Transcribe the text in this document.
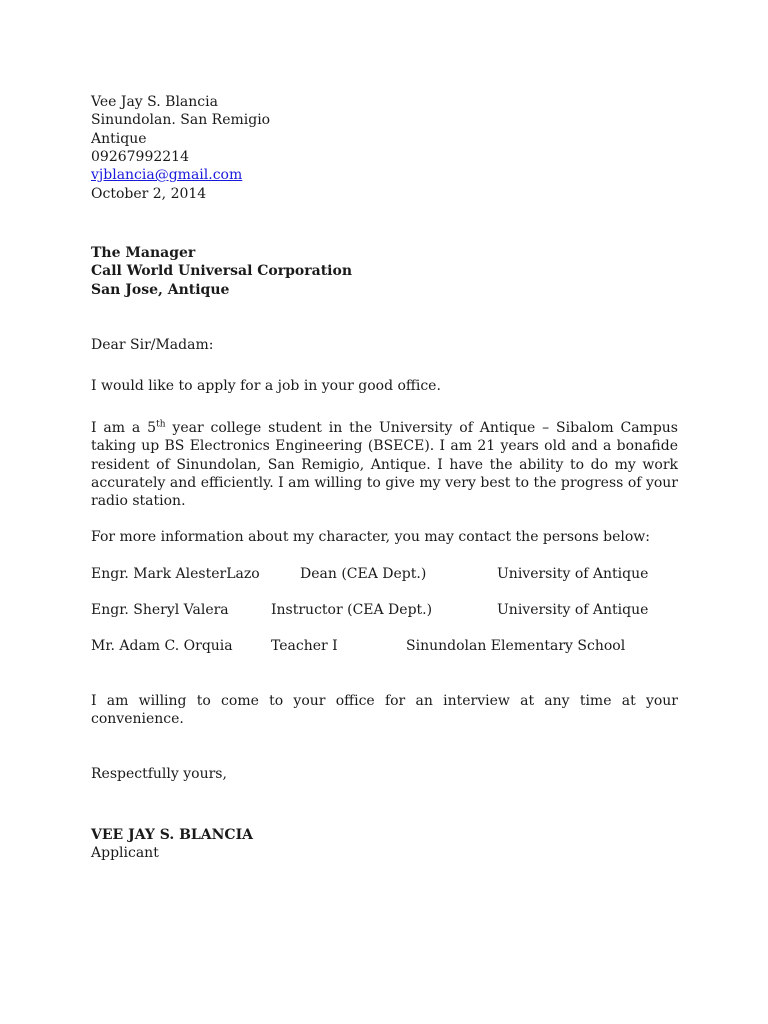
Vee Jay S. Blancia
Sinundolan. San Remigio
Antique
09267992214
vjblancia@gmail.com
October 2, 2014
The Manager
Call World Universal Corporation
San Jose, Antique
Dear Sir/Madam:
I would like to apply for a job in your good office.
I am a 5th year college student in the University of Antique – Sibalom Campus taking up BS Electronics Engineering (BSECE). I am 21 years old and a bonafide resident of Sinundolan, San Remigio, Antique. I have the ability to do my work accurately and efficiently. I am willing to give my very best to the progress of your radio station.
For more information about my character, you may contact the persons below:
Engr. Mark AlesterLazo	Dean (CEA Dept.)	University of Antique
Engr. Sheryl Valera	Instructor (CEA Dept.)	University of Antique
Mr. Adam C. Orquia	Teacher I	Sinundolan Elementary School
I am willing to come to your office for an interview at any time at your convenience.
Respectfully yours,
VEE JAY S. BLANCIA
Applicant
